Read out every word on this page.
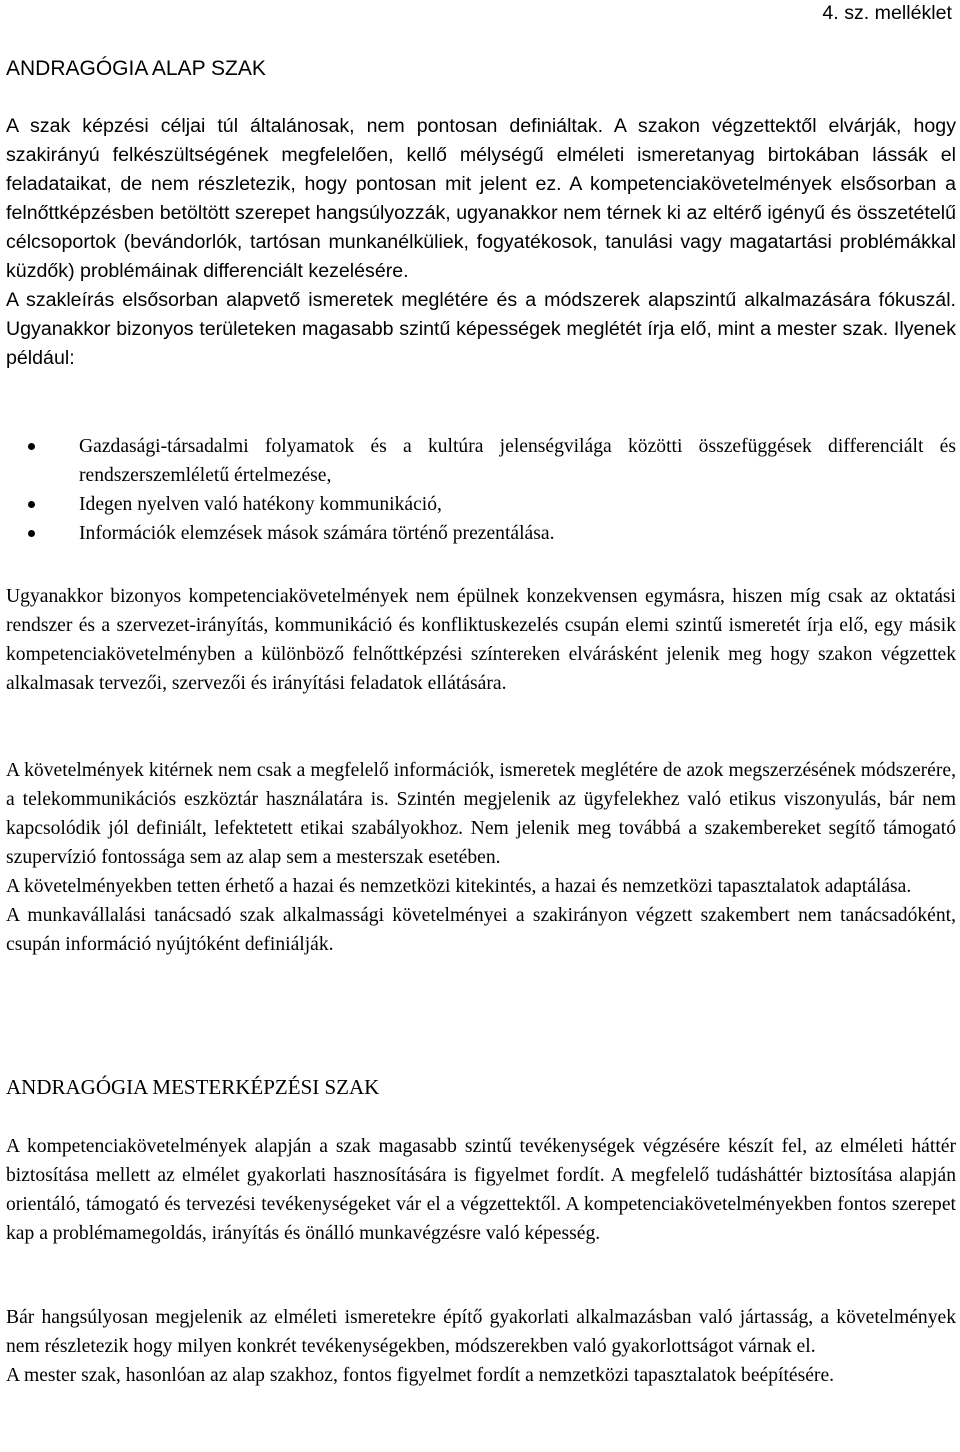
4. sz. melléklet

ANDRAGÓGIA ALAP SZAK

A szak képzési céljai túl általánosak, nem pontosan definiáltak. A szakon végzettektől elvárják, hogy szakirányú felkészültségének megfelelően, kellő mélységű elméleti ismeretanyag birtokában lássák el feladataikat, de nem részletezik, hogy pontosan mit jelent ez. A kompetenciakövetelmények elsősorban a felnőttképzésben betöltött szerepet hangsúlyozzák, ugyanakkor nem térnek ki az eltérő igényű és összetételű célcsoportok (bevándorlók, tartósan munkanélküliek, fogyatékosok, tanulási vagy magatartási problémákkal küzdők) problémáinak differenciált kezelésére.

A szakleírás elsősorban alapvető ismeretek meglétére és a módszerek alapszintű alkalmazására fókuszál. Ugyanakkor bizonyos területeken magasabb szintű képességek meglétét írja elő, mint a mester szak. Ilyenek például:

Gazdasági-társadalmi folyamatok és a kultúra jelenségvilága közötti összefüggések differenciált és rendszerszemléletű értelmezése,
Idegen nyelven való hatékony kommunikáció,
Információk elemzések mások számára történő prezentálása.

Ugyanakkor bizonyos kompetenciakövetelmények nem épülnek konzekvensen egymásra, hiszen míg csak az oktatási rendszer és a szervezet-irányítás, kommunikáció és konfliktuskezelés csupán elemi szintű ismeretét írja elő, egy másik kompetenciakövetelményben a különböző felnőttképzési színtereken elvárásként jelenik meg hogy szakon végzettek alkalmasak tervezői, szervezői és irányítási feladatok ellátására.

A követelmények kitérnek nem csak a megfelelő információk, ismeretek meglétére de azok megszerzésének módszerére, a telekommunikációs eszköztár használatára is. Szintén megjelenik az ügyfelekhez való etikus viszonyulás, bár nem kapcsolódik jól definiált, lefektetett etikai szabályokhoz. Nem jelenik meg továbbá a szakembereket segítő támogató szupervízió fontossága sem az alap sem a mesterszak esetében.

A követelményekben tetten érhető a hazai és nemzetközi kitekintés, a hazai és nemzetközi tapasztalatok adaptálása.

A munkavállalási tanácsadó szak alkalmassági követelményei a szakirányon végzett szakembert nem tanácsadóként, csupán információ nyújtóként definiálják.

ANDRAGÓGIA MESTERKÉPZÉSI SZAK

A kompetenciakövetelmények alapján a szak magasabb szintű tevékenységek végzésére készít fel, az elméleti háttér biztosítása mellett az elmélet gyakorlati hasznosítására is figyelmet fordít. A megfelelő tudásháttér biztosítása alapján orientáló, támogató és tervezési tevékenységeket vár el a végzettektől. A kompetenciakövetelményekben fontos szerepet kap a problémamegoldás, irányítás és önálló munkavégzésre való képesség.

Bár hangsúlyosan megjelenik az elméleti ismeretekre építő gyakorlati alkalmazásban való jártasság, a követelmények nem részletezik hogy milyen konkrét tevékenységekben, módszerekben való gyakorlottságot várnak el.

A mester szak, hasonlóan az alap szakhoz, fontos figyelmet fordít a nemzetközi tapasztalatok beépítésére.
